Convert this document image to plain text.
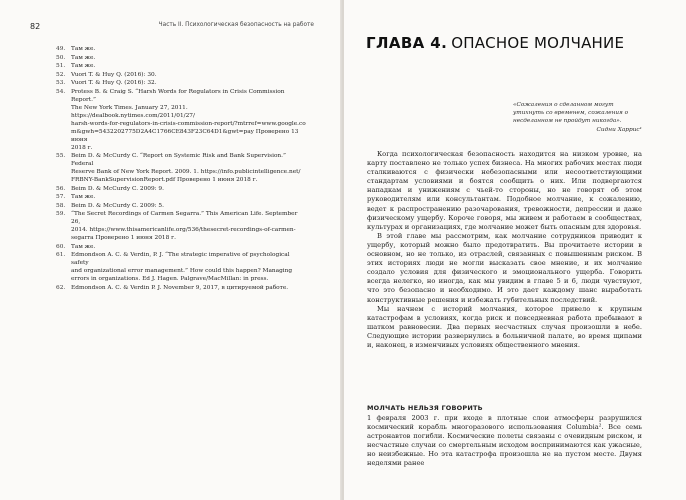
82	Часть II. Психологическая безопасность на работе
49. Там же.
50. Там же.
51. Там же.
52. Vuori T. & Huy Q. (2016): 30.
53. Vuori T. & Huy Q. (2016): 32.
54. Protess B. & Craig S. “Harsh Words for Regulators in Crisis Commission Report.”
The New York Times. January 27, 2011. https://dealbook.nytimes.com/2011/01/27/
harsh-words-for-regulators-in-crisis-commission-report/?mtrref=www.google.co
m&gwh=5432202775D2A4C1766CE843F23C64D1&gwt=pay Проверено 13 июня
2018 г.
55. Beim D. & McCurdy C. “Report on Systemic Risk and Bank Supervision.” Federal
Reserve Bank of New York Report. 2009. 1. https://info.publicintelligence.net/
FRBNY-BankSupervisionReport.pdf Проверено 1 июня 2018 г.
56. Beim D. & McCurdy C. 2009: 9.
57. Там же.
58. Beim D. & McCurdy C. 2009: 5.
59. “The Secret Recordings of Carmen Segarra.” This American Life. September 26,
2014. https://www.thisamericanlife.org/536/thesecret-recordings-of-carmen-
segarra Проверено 1 июня 2018 г.
60. Там же.
61. Edmondson A. C. & Verdin, P. J. “The strategic imperative of psychological safety
and organizational error management.” How could this happen? Managing
errors in organizations. Ed J. Hagen. Palgrave/MacMillan: in press.
62. Edmondson A. C. & Verdin P. J. November 9, 2017, в цитируемой работе.
ГЛАВА 4. ОПАСНОЕ МОЛЧАНИЕ
«Сожаления о сделанном могут утихнуть со временем, сожаления о несделанном не пройдут никогда».
Сидни Харрис¹

Когда психологическая безопасность находится на низком уровне, на карту поставлено не только успех бизнеса. На многих рабочих местах люди сталкиваются с физически небезопасными или несоответствующими стандартам условиями и боятся сообщить о них. Или подвергаются нападкам и унижениям с чьей-то стороны, но не говорят об этом руководителям или консультантам. Подобное молчание, к сожалению, ведет к распространению разочарования, тревожности, депрессии и даже физическому ущербу. Короче говоря, мы живем и работаем в сообществах, культурах и организациях, где молчание может быть опасным для здоровья.

В этой главе мы рассмотрим, как молчание сотрудников приводит к ущербу, который можно было предотвратить. Вы прочитаете истории в основном, но не только, из отраслей, связанных с повышенным риском. В этих историях люди не могли высказать свое мнение, и их молчание создало условия для физического и эмоционального ущерба. Говорить всегда нелегко, но иногда, как мы увидим в главе 5 и 6, люди чувствуют, что это безопасно и необходимо. И это дает каждому шанс выработать конструктивные решения и избежать губительных последствий.

Мы начнем с историй молчания, которое привело к крупным катастрофам в условиях, когда риск и повседневная работа пребывают в шатком равновесии. Два первых несчастных случая произошли в небе. Следующие истории развернулись в больничной палате, во время щипами и, наконец, в изменчивых условиях общественного мнения.

МОЛЧАТЬ НЕЛЬЗЯ ГОВОРИТЬ

1 февраля 2003 г. при входе в плотные слои атмосферы разрушился космический корабль многоразового использования Columbia². Все семь астронавтов погибли. Космические полеты связаны с очевидным риском, и несчастные случаи со смертельным исходом воспринимаются как ужасные, но неизбежные. Но эта катастрофа произошла не на пустом месте. Двумя неделями ранее
